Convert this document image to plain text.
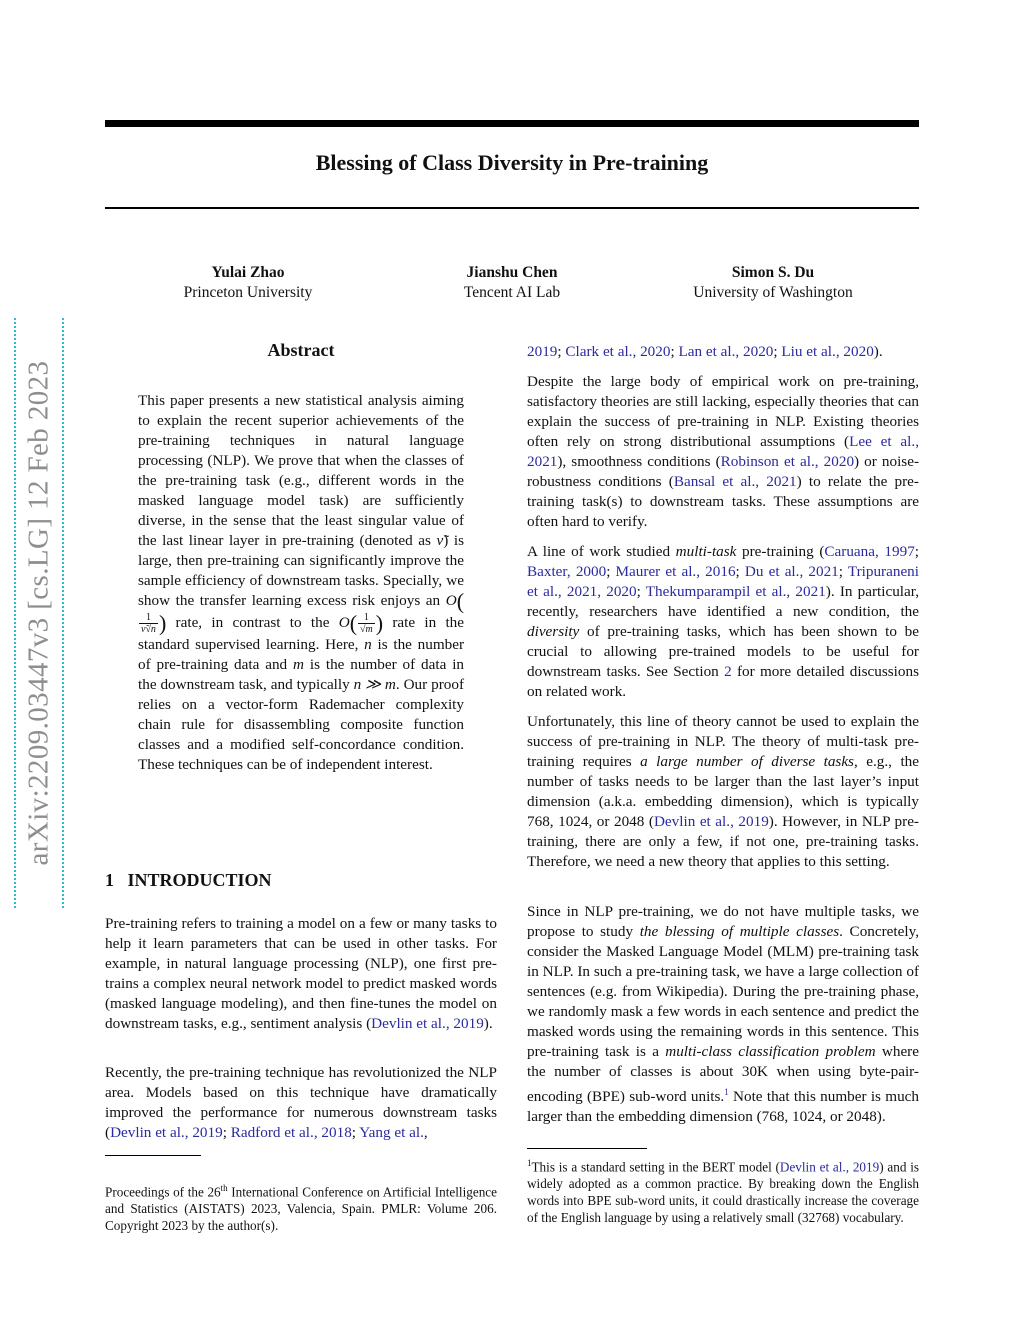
Blessing of Class Diversity in Pre-training
Yulai Zhao
Princeton University
Jianshu Chen
Tencent AI Lab
Simon S. Du
University of Washington
arXiv:2209.03447v3 [cs.LG] 12 Feb 2023
Abstract

This paper presents a new statistical analysis aiming to explain the recent superior achievements of the pre-training techniques in natural language processing (NLP). We prove that when the classes of the pre-training task (e.g., different words in the masked language model task) are sufficiently diverse, in the sense that the least singular value of the last linear layer in pre-training (denoted as ν̃) is large, then pre-training can significantly improve the sample efficiency of downstream tasks. Specially, we show the transfer learning excess risk enjoys an O(
$\frac{1}{\nũ√n}$ ) rate, in contrast to the $O( \frac{1}{√m}$ ) rate in the standard supervised learning. Here, n is the number of pre-training data and m is the number of data in the downstream task, and typically n ≫ m. Our proof relies on a vector-form Rademacher complexity chain rule for disassembling composite function classes and a modified self-concordance condition. These techniques can be of independent interest.

1 INTRODUCTION

Pre-training refers to training a model on a few or many tasks to help it learn parameters that can be used in other tasks. For example, in natural language processing (NLP), one first pre-trains a complex neural network model to predict masked words (masked language modeling), and then fine-tunes the model on downstream tasks, e.g., sentiment analysis (Devlin et al., 2019).

Recently, the pre-training technique has revolutionized the NLP area. Models based on this technique have dramatically improved the performance for numerous downstream tasks (Devlin et al., 2019; Radford et al., 2018; Yang et al.,

Proceedings of the 26th International Conference on Artificial Intelligence and Statistics (AISTATS) 2023, Valencia, Spain. PMLR: Volume 206. Copyright 2023 by the author(s).

2019; Clark et al., 2020; Lan et al., 2020; Liu et al., 2020).

Despite the large body of empirical work on pre-training, satisfactory theories are still lacking, especially theories that can explain the success of pre-training in NLP. Existing theories often rely on strong distributional assumptions (Lee et al., 2021), smoothness conditions (Robinson et al., 2020) or noise-robustness conditions (Bansal et al., 2021) to relate the pre-training task(s) to downstream tasks. These assumptions are often hard to verify.

A line of work studied multi-task pre-training (Caruana, 1997; Baxter, 2000; Maurer et al., 2016; Du et al., 2021; Tripuraneni et al., 2021, 2020; Thekumparampil et al., 2021). In particular, recently, researchers have identified a new condition, the diversity of pre-training tasks, which has been shown to be crucial to allowing pre-trained models to be useful for downstream tasks. See Section 2 for more detailed discussions on related work.

Unfortunately, this line of theory cannot be used to explain the success of pre-training in NLP. The theory of multi-task pre-training requires a large number of diverse tasks, e.g., the number of tasks needs to be larger than the last layer’s input dimension (a.k.a. embedding dimension), which is typically 768, 1024, or 2048 (Devlin et al., 2019). However, in NLP pre-training, there are only a few, if not one, pre-training tasks. Therefore, we need a new theory that applies to this setting.

Since in NLP pre-training, we do not have multiple tasks, we propose to study the blessing of multiple classes. Concretely, consider the Masked Language Model (MLM) pre-training task in NLP. In such a pre-training task, we have a large collection of sentences (e.g. from Wikipedia). During the pre-training phase, we randomly mask a few words in each sentence and predict the masked words using the remaining words in this sentence. This pre-training task is a multi-class classification problem where the number of classes is about 30K when using byte-pair-encoding (BPE) sub-word units.$^1$ Note that this number is much larger than the embedding dimension (768, 1024, or 2048).

$^1$This is a standard setting in the BERT model (Devlin et al., 2019) and is widely adopted as a common practice. By breaking down the English words into BPE sub-word units, it could drastically increase the coverage of the English language by using a relatively small (32768) vocabulary.
